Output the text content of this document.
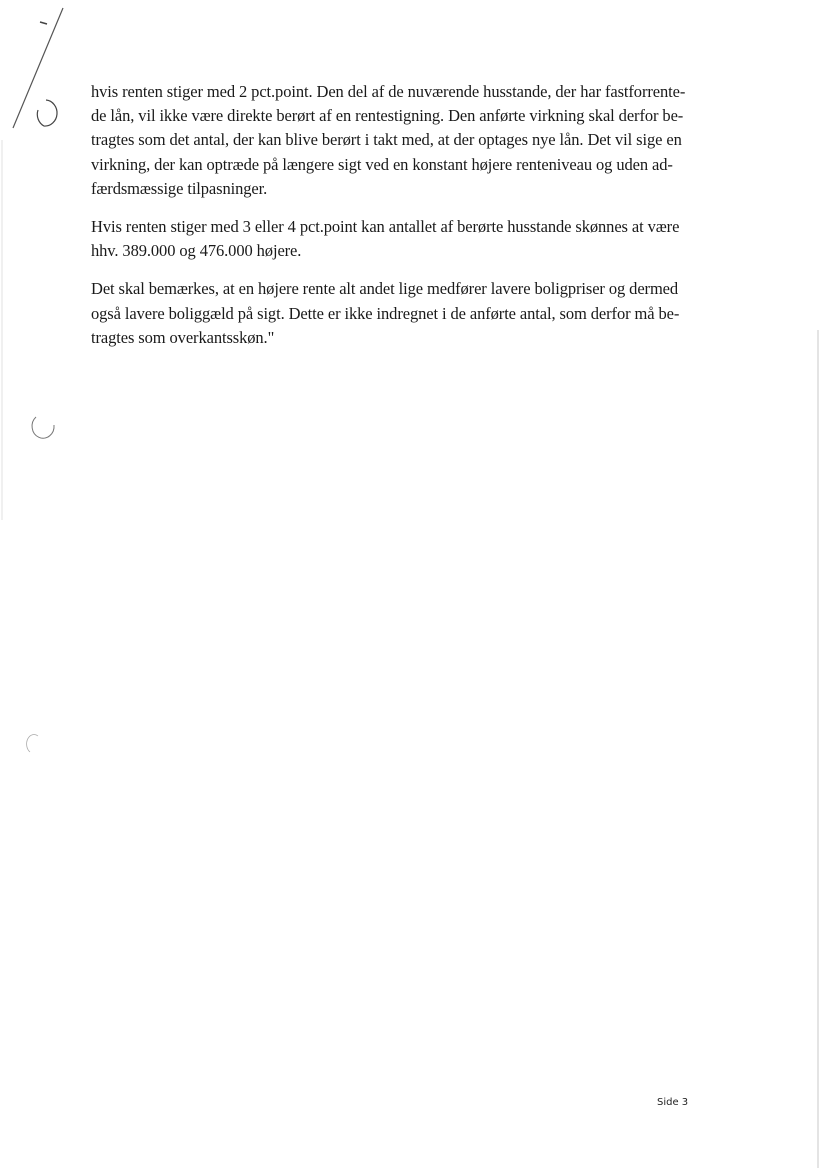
hvis renten stiger med 2 pct.point. Den del af de nuværende husstande, der har fastforrente-
de lån, vil ikke være direkte berørt af en rentestigning. Den anførte virkning skal derfor be-
tragtes som det antal, der kan blive berørt i takt med, at der optages nye lån. Det vil sige en
virkning, der kan optræde på længere sigt ved en konstant højere renteniveau og uden ad-
færdsmæssige tilpasninger.

Hvis renten stiger med 3 eller 4 pct.point kan antallet af berørte husstande skønnes at være
hhv. 389.000 og 476.000 højere.

Det skal bemærkes, at en højere rente alt andet lige medfører lavere boligpriser og dermed
også lavere boliggæld på sigt. Dette er ikke indregnet i de anførte antal, som derfor må be-
tragtes som overkantsskøn."

Side 3
